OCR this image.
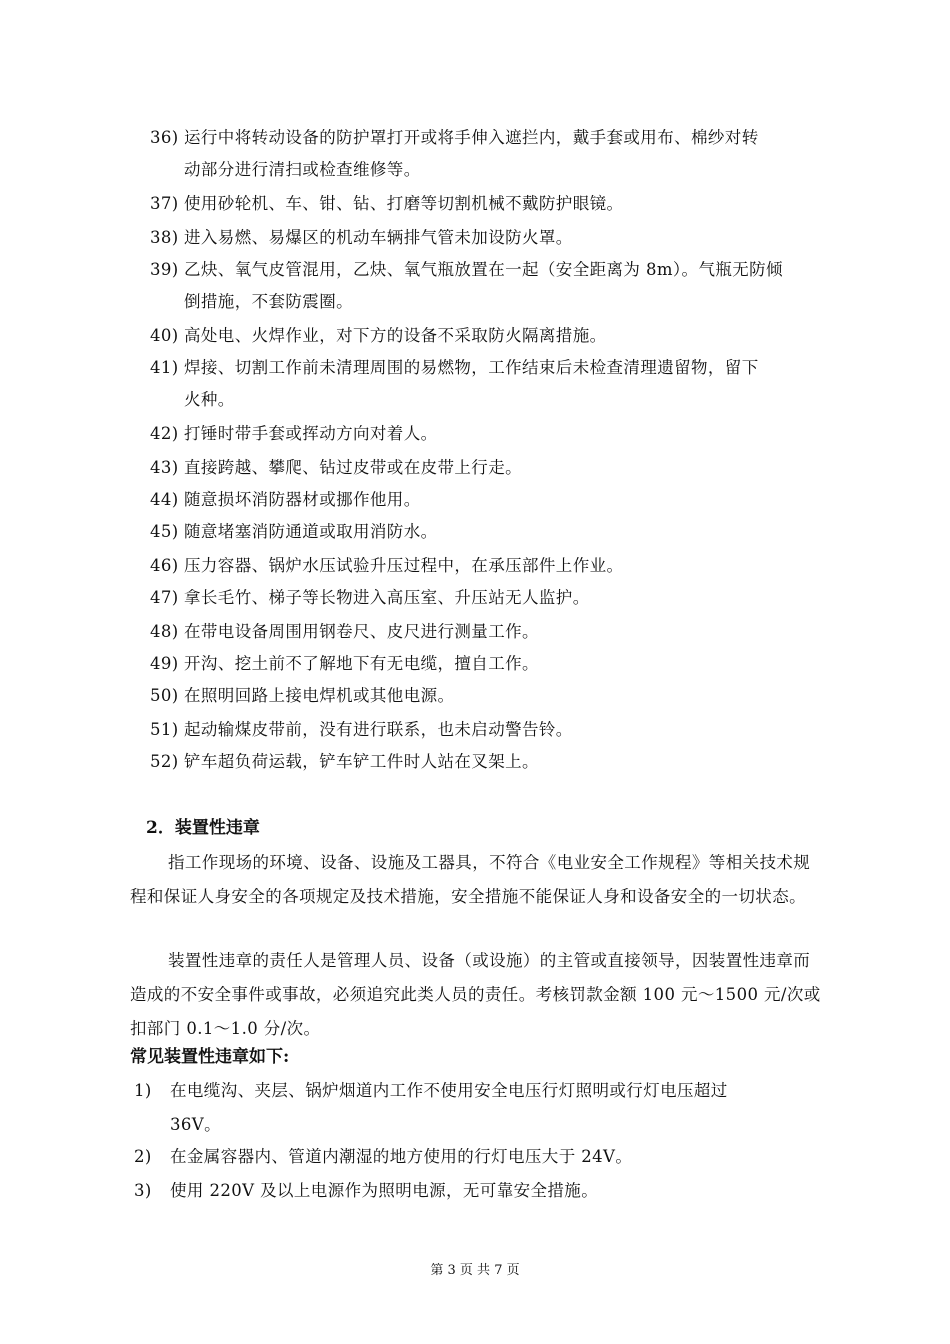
36) 运行中将转动设备的防护罩打开或将手伸入遮拦内，戴手套或用布、棉纱对转
动部分进行清扫或检查维修等。
37) 使用砂轮机、车、钳、钻、打磨等切割机械不戴防护眼镜。
38) 进入易燃、易爆区的机动车辆排气管未加设防火罩。
39) 乙炔、氧气皮管混用，乙炔、氧气瓶放置在一起（安全距离为 8m）。气瓶无防倾
倒措施，不套防震圈。
40) 高处电、火焊作业，对下方的设备不采取防火隔离措施。
41) 焊接、切割工作前未清理周围的易燃物，工作结束后未检查清理遗留物，留下
火种。
42) 打锤时带手套或挥动方向对着人。
43) 直接跨越、攀爬、钻过皮带或在皮带上行走。
44) 随意损坏消防器材或挪作他用。
45) 随意堵塞消防通道或取用消防水。
46) 压力容器、锅炉水压试验升压过程中，在承压部件上作业。
47) 拿长毛竹、梯子等长物进入高压室、升压站无人监护。
48) 在带电设备周围用钢卷尺、皮尺进行测量工作。
49) 开沟、挖土前不了解地下有无电缆，擅自工作。
50) 在照明回路上接电焊机或其他电源。
51) 起动输煤皮带前，没有进行联系，也未启动警告铃。
52) 铲车超负荷运载，铲车铲工件时人站在叉架上。
2．装置性违章
指工作现场的环境、设备、设施及工器具，不符合《电业安全工作规程》等相关技术规程和保证人身安全的各项规定及技术措施，安全措施不能保证人身和设备安全的一切状态。
装置性违章的责任人是管理人员、设备（或设施）的主管或直接领导，因装置性违章而造成的不安全事件或事故，必须追究此类人员的责任。考核罚款金额 100 元～1500 元/次或扣部门 0.1～1.0 分/次。
常见装置性违章如下:
1) 在电缆沟、夹层、锅炉烟道内工作不使用安全电压行灯照明或行灯电压超过
36V。
2) 在金属容器内、管道内潮湿的地方使用的行灯电压大于 24V。
3) 使用 220V 及以上电源作为照明电源，无可靠安全措施。
第 3 页 共 7 页
